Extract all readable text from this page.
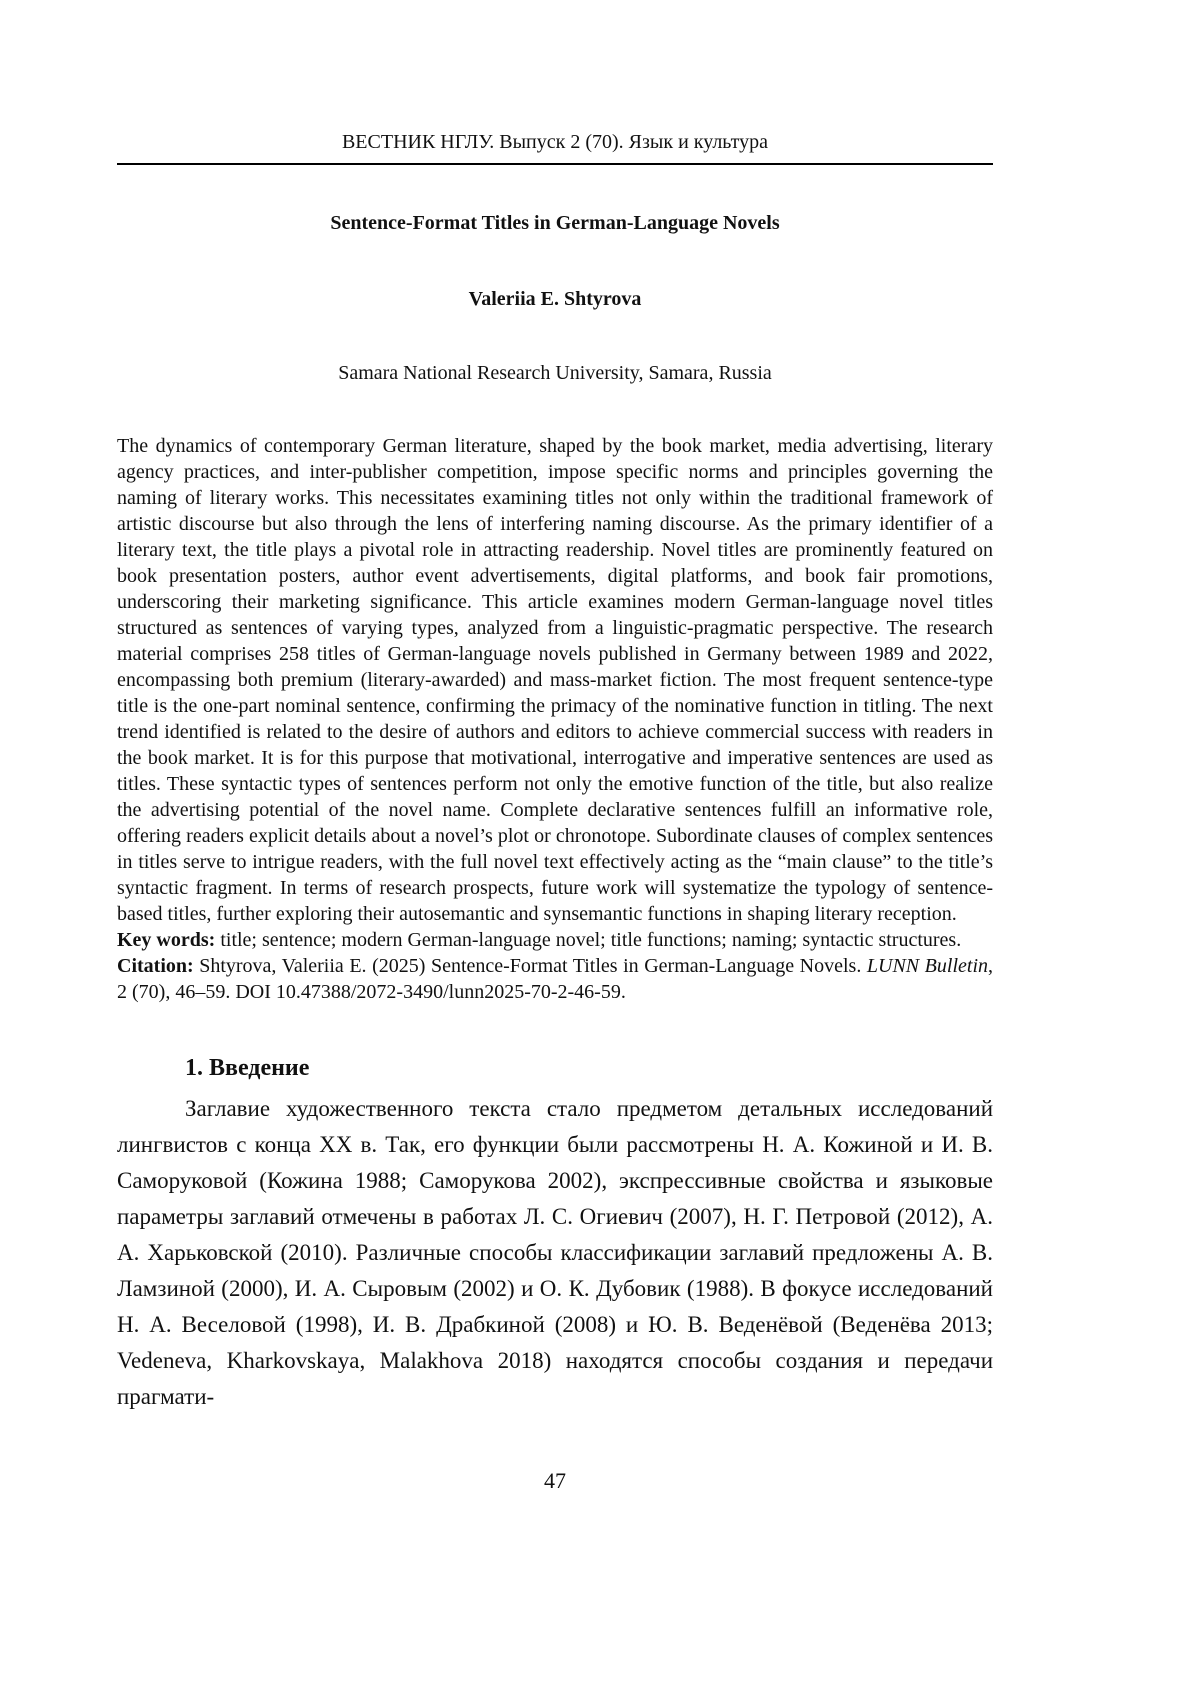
ВЕСТНИК НГЛУ. Выпуск 2 (70). Язык и культура
Sentence-Format Titles in German-Language Novels
Valeriia E. Shtyrova
Samara National Research University, Samara, Russia

The dynamics of contemporary German literature, shaped by the book market, media advertising, literary agency practices, and inter-publisher competition, impose specific norms and principles governing the naming of literary works. This necessitates examining titles not only within the traditional framework of artistic discourse but also through the lens of interfering naming discourse. As the primary identifier of a literary text, the title plays a pivotal role in attracting readership. Novel titles are prominently featured on book presentation posters, author event advertisements, digital platforms, and book fair promotions, underscoring their marketing significance. This article examines modern German-language novel titles structured as sentences of varying types, analyzed from a linguistic-pragmatic perspective. The research material comprises 258 titles of German-language novels published in Germany between 1989 and 2022, encompassing both premium (literary-awarded) and mass-market fiction. The most frequent sentence-type title is the one-part nominal sentence, confirming the primacy of the nominative function in titling. The next trend identified is related to the desire of authors and editors to achieve commercial success with readers in the book market. It is for this purpose that motivational, interrogative and imperative sentences are used as titles. These syntactic types of sentences perform not only the emotive function of the title, but also realize the advertising potential of the novel name. Complete declarative sentences fulfill an informative role, offering readers explicit details about a novel’s plot or chronotope. Subordinate clauses of complex sentences in titles serve to intrigue readers, with the full novel text effectively acting as the “main clause” to the title’s syntactic fragment. In terms of research prospects, future work will systematize the typology of sentence-based titles, further exploring their autosemantic and synsemantic functions in shaping literary reception.

Key words: title; sentence; modern German-language novel; title functions; naming; syntactic structures.

Citation: Shtyrova, Valeriia E. (2025) Sentence-Format Titles in German-Language Novels. LUNN Bulletin, 2 (70), 46–59. DOI 10.47388/2072-3490/lunn2025-70-2-46-59.

1. Введение

Заглавие художественного текста стало предметом детальных исследований лингвистов с конца XX в. Так, его функции были рассмотрены Н. А. Кожиной и И. В. Саморуковой (Кожина 1988; Саморукова 2002), экспрессивные свойства и языковые параметры заглавий отмечены в работах Л. С. Огиевич (2007), Н. Г. Петровой (2012), А. А. Харьковской (2010). Различные способы классификации заглавий предложены А. В. Ламзиной (2000), И. А. Сыровым (2002) и О. К. Дубовик (1988). В фокусе исследований Н. А. Веселовой (1998), И. В. Драбкиной (2008) и Ю. В. Веденёвой (Веденёва 2013; Vedeneva, Kharkovskaya, Malakhova 2018) находятся способы создания и передачи прагмати-

47
